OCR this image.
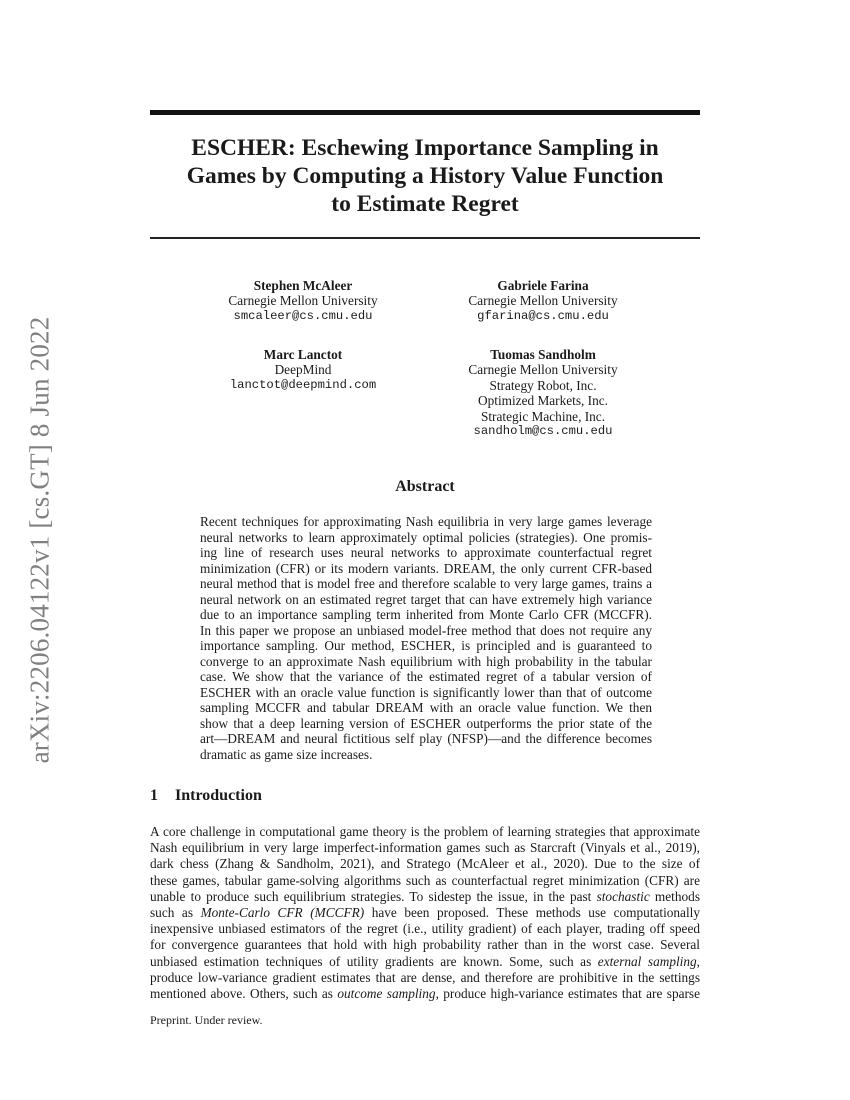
arXiv:2206.04122v1 [cs.GT] 8 Jun 2022
ESCHER: Eschewing Importance Sampling in
Games by Computing a History Value Function
to Estimate Regret
Stephen McAleer
Carnegie Mellon University
smcaleer@cs.cmu.edu
Gabriele Farina
Carnegie Mellon University
gfarina@cs.cmu.edu
Marc Lanctot
DeepMind
lanctot@deepmind.com
Tuomas Sandholm
Carnegie Mellon University
Strategy Robot, Inc.
Optimized Markets, Inc.
Strategic Machine, Inc.
sandholm@cs.cmu.edu
Abstract
Recent techniques for approximating Nash equilibria in very large games leverage
neural networks to learn approximately optimal policies (strategies). One promis-
ing line of research uses neural networks to approximate counterfactual regret
minimization (CFR) or its modern variants. DREAM, the only current CFR-based
neural method that is model free and therefore scalable to very large games, trains a
neural network on an estimated regret target that can have extremely high variance
due to an importance sampling term inherited from Monte Carlo CFR (MCCFR).
In this paper we propose an unbiased model-free method that does not require any
importance sampling. Our method, ESCHER, is principled and is guaranteed to
converge to an approximate Nash equilibrium with high probability in the tabular
case. We show that the variance of the estimated regret of a tabular version of
ESCHER with an oracle value function is significantly lower than that of outcome
sampling MCCFR and tabular DREAM with an oracle value function. We then
show that a deep learning version of ESCHER outperforms the prior state of the
art—DREAM and neural fictitious self play (NFSP)—and the difference becomes
dramatic as game size increases.
1 Introduction
A core challenge in computational game theory is the problem of learning strategies that approximate
Nash equilibrium in very large imperfect-information games such as Starcraft (Vinyals et al., 2019),
dark chess (Zhang & Sandholm, 2021), and Stratego (McAleer et al., 2020). Due to the size of
these games, tabular game-solving algorithms such as counterfactual regret minimization (CFR) are
unable to produce such equilibrium strategies. To sidestep the issue, in the past stochastic methods
such as Monte-Carlo CFR (MCCFR) have been proposed. These methods use computationally
inexpensive unbiased estimators of the regret (i.e., utility gradient) of each player, trading off speed
for convergence guarantees that hold with high probability rather than in the worst case. Several
unbiased estimation techniques of utility gradients are known. Some, such as external sampling,
produce low-variance gradient estimates that are dense, and therefore are prohibitive in the settings
mentioned above. Others, such as outcome sampling, produce high-variance estimates that are sparse
Preprint. Under review.
